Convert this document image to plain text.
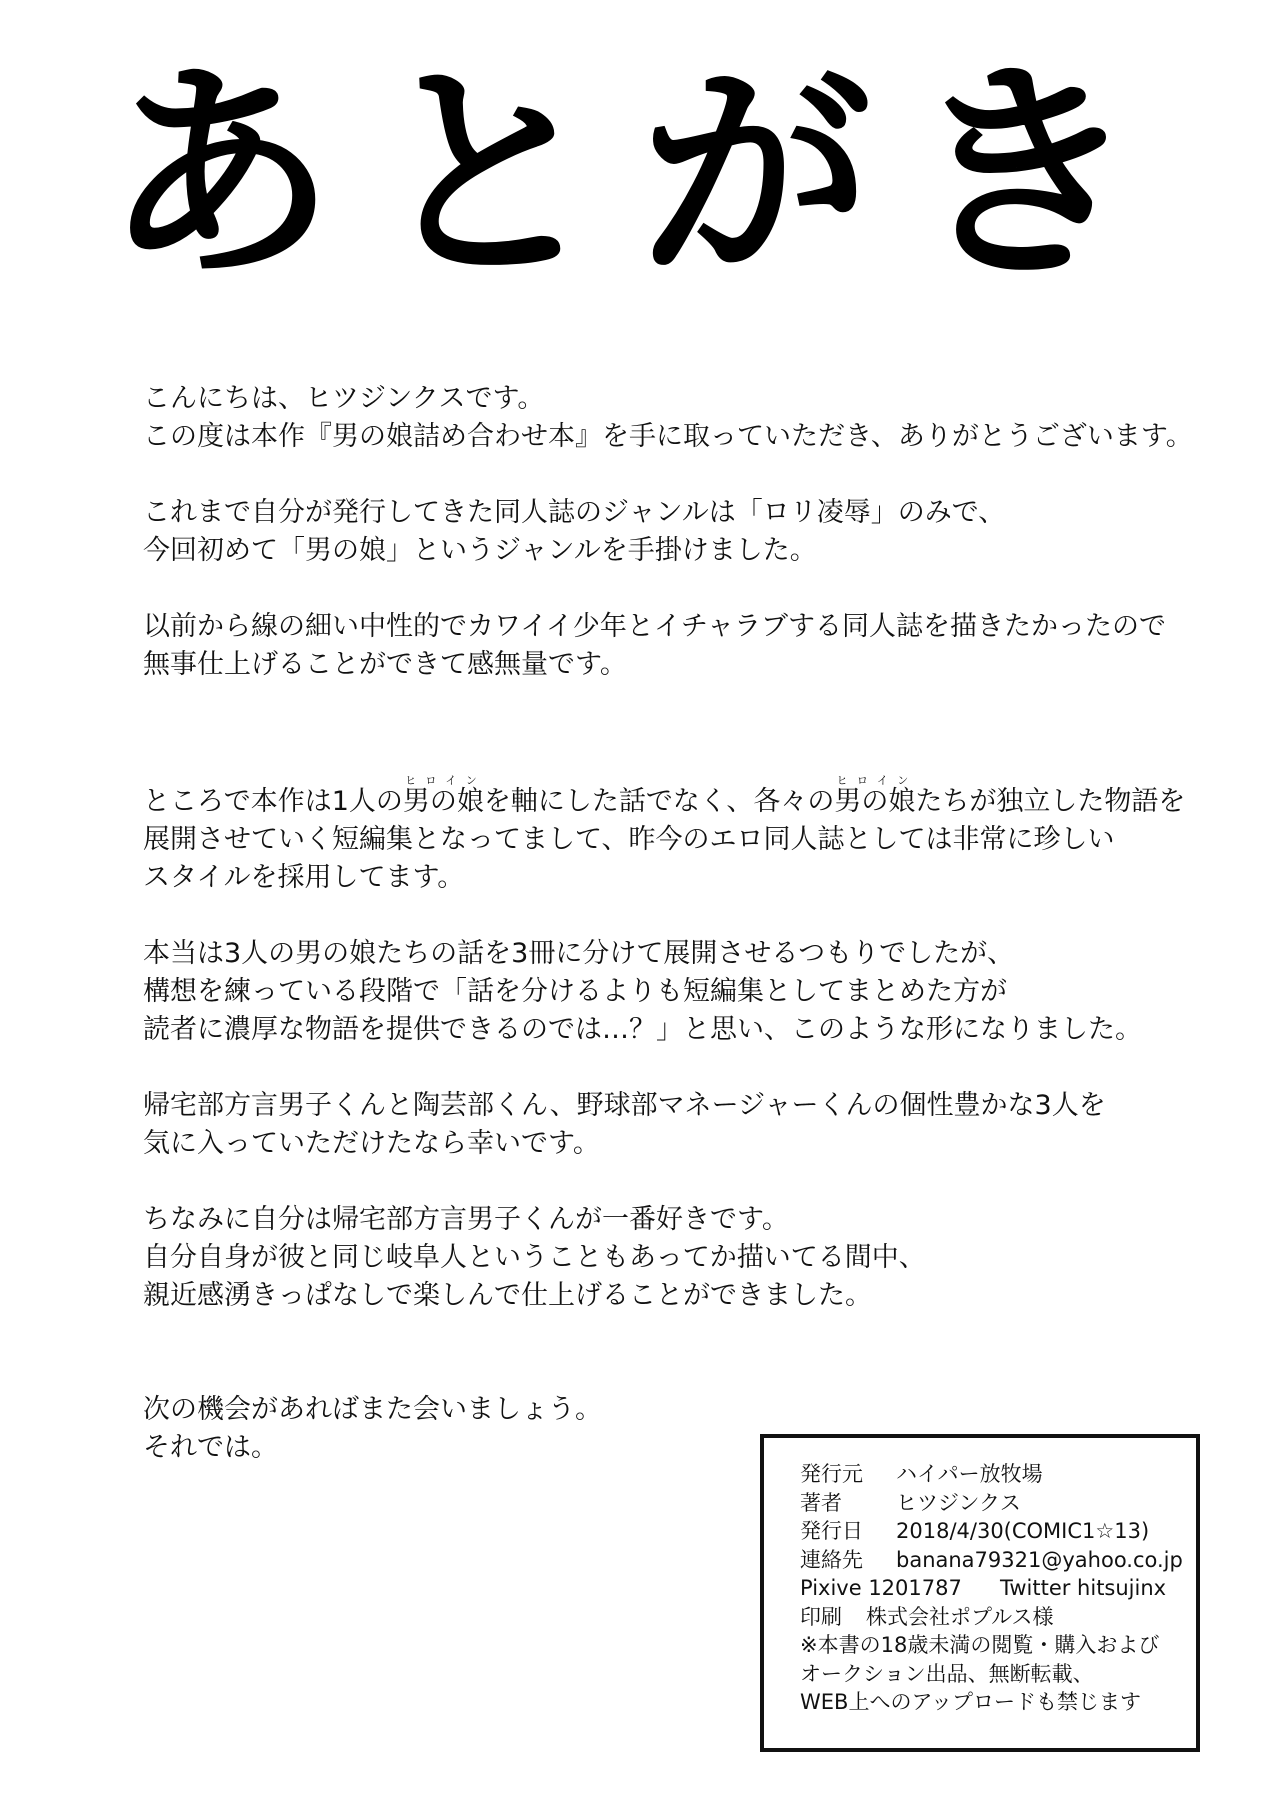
あとがき

こんにちは、ヒツジンクスです。
この度は本作『男の娘詰め合わせ本』を手に取っていただき、ありがとうございます。

これまで自分が発行してきた同人誌のジャンルは「ロリ凌辱」のみで、
今回初めて「男の娘」というジャンルを手掛けました。

以前から線の細い中性的でカワイイ少年とイチャラブする同人誌を描きたかったので
無事仕上げることができて感無量です。

ところで本作は1人の男の娘ヒロインを軸にした話でなく、各々の男の娘ヒロインたちが独立した物語を
展開させていく短編集となってまして、昨今のエロ同人誌としては非常に珍しい
スタイルを採用してます。

本当は3人の男の娘たちの話を3冊に分けて展開させるつもりでしたが、
構想を練っている段階で「話を分けるよりも短編集としてまとめた方が
読者に濃厚な物語を提供できるのでは…？」と思い、このような形になりました。

帰宅部方言男子くんと陶芸部くん、野球部マネージャーくんの個性豊かな3人を
気に入っていただけたなら幸いです。

ちなみに自分は帰宅部方言男子くんが一番好きです。
自分自身が彼と同じ岐阜人ということもあってか描いてる間中、
親近感湧きっぱなしで楽しんで仕上げることができました。

次の機会があればまた会いましょう。
それでは。

発行元 ハイパー放牧場
著者	ヒツジンクス
発行日 2018/4/30(COMIC1☆13)
連絡先 banana79321@yahoo.co.jp
Pixive 1201787 Twitter hitsujinx
印刷 株式会社ポプルス様
※本書の18歳未満の閲覧・購入および
オークション出品、無断転載、
WEB上へのアップロードも禁じます
